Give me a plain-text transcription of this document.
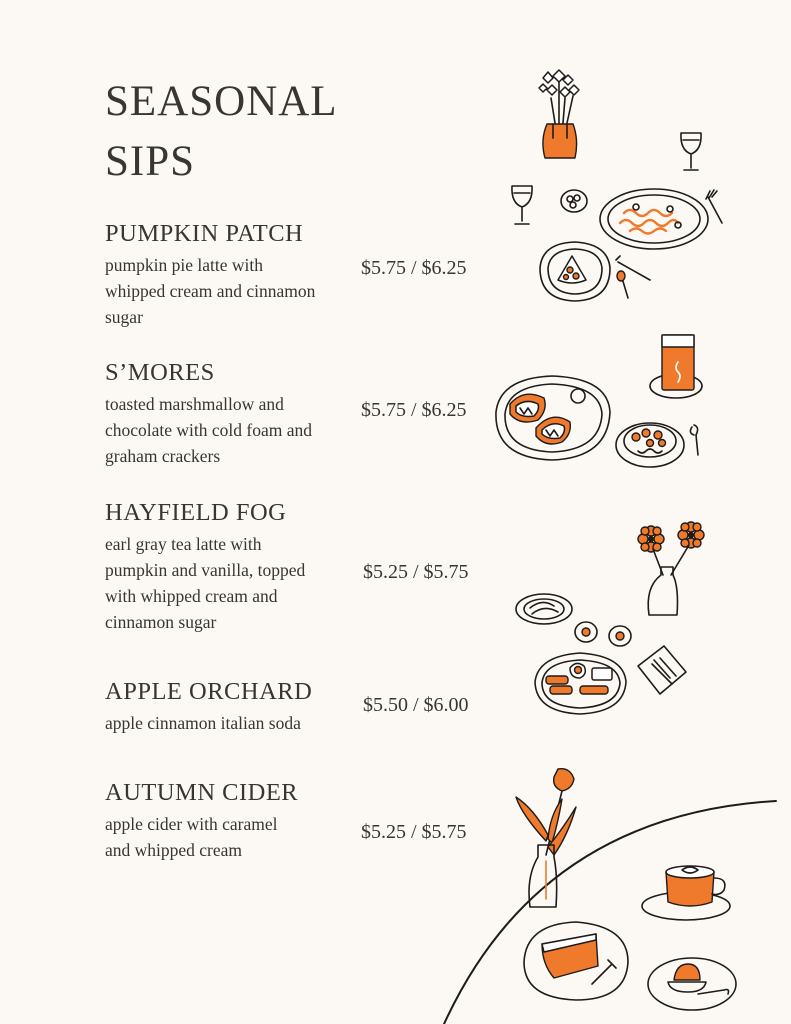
SEASONAL
SIPS
PUMPKIN PATCH

pumpkin pie latte with
whipped cream and cinnamon
sugar

$5.75 / $6.25
S’MORES

toasted marshmallow and
chocolate with cold foam and
graham crackers

$5.75 / $6.25
HAYFIELD FOG

earl gray tea latte with
pumpkin and vanilla, topped
with whipped cream and
cinnamon sugar

$5.25 / $5.75
APPLE ORCHARD

apple cinnamon italian soda

$5.50 / $6.00
AUTUMN CIDER

apple cider with caramel
and whipped cream

$5.25 / $5.75
